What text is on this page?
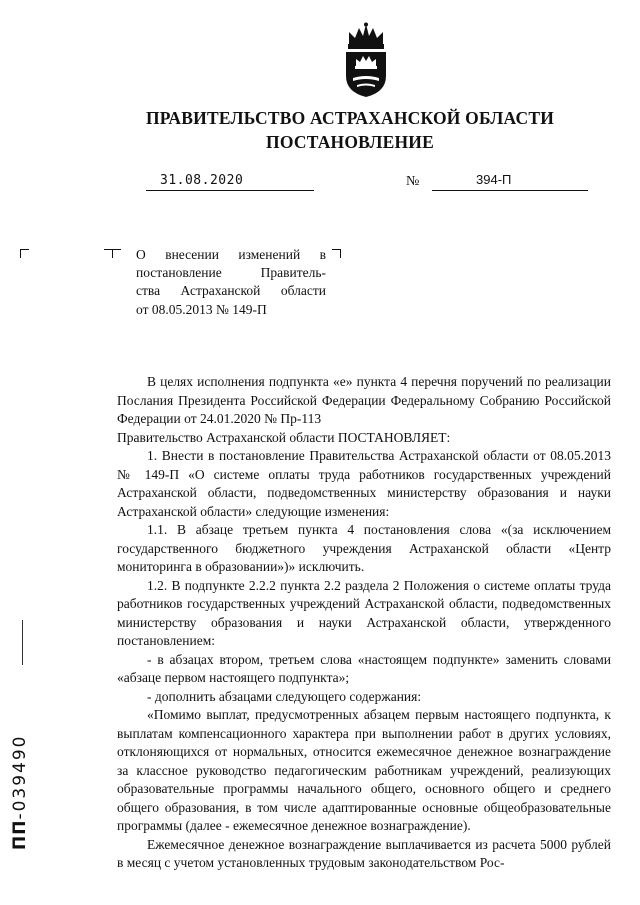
ПРАВИТЕЛЬСТВО АСТРАХАНСКОЙ ОБЛАСТИ
ПОСТАНОВЛЕНИЕ
31.08.2020	№	394-П
О внесении изменений в
постановление Правитель-
ства Астраханской области
от 08.05.2013 № 149-П

В целях исполнения подпункта «е» пункта 4 перечня поручений по реализации Послания Президента Российской Федерации Федеральному Собранию Российской Федерации от 24.01.2020 № Пр-113

Правительство Астраханской области ПОСТАНОВЛЯЕТ:

1. Внести в постановление Правительства Астраханской области от 08.05.2013 № 149-П «О системе оплаты труда работников государственных учреждений Астраханской области, подведомственных министерству образования и науки Астраханской области» следующие изменения:

1.1. В абзаце третьем пункта 4 постановления слова «(за исключением государственного бюджетного учреждения Астраханской области «Центр мониторинга в образовании»)» исключить.

1.2. В подпункте 2.2.2 пункта 2.2 раздела 2 Положения о системе оплаты труда работников государственных учреждений Астраханской области, подведомственных министерству образования и науки Астраханской области, утвержденного постановлением:

- в абзацах втором, третьем слова «настоящем подпункте» заменить словами «абзаце первом настоящего подпункта»;

- дополнить абзацами следующего содержания:

«Помимо выплат, предусмотренных абзацем первым настоящего подпункта, к выплатам компенсационного характера при выполнении работ в других условиях, отклоняющихся от нормальных, относится ежемесячное денежное вознаграждение за классное руководство педагогическим работникам учреждений, реализующих образовательные программы начального общего, основного общего и среднего общего образования, в том числе адаптированные основные общеобразовательные программы (далее - ежемесячное денежное вознаграждение).

Ежемесячное денежное вознаграждение выплачивается из расчета 5000 рублей в месяц с учетом установленных трудовым законодательством Рос-

ПП-039490
